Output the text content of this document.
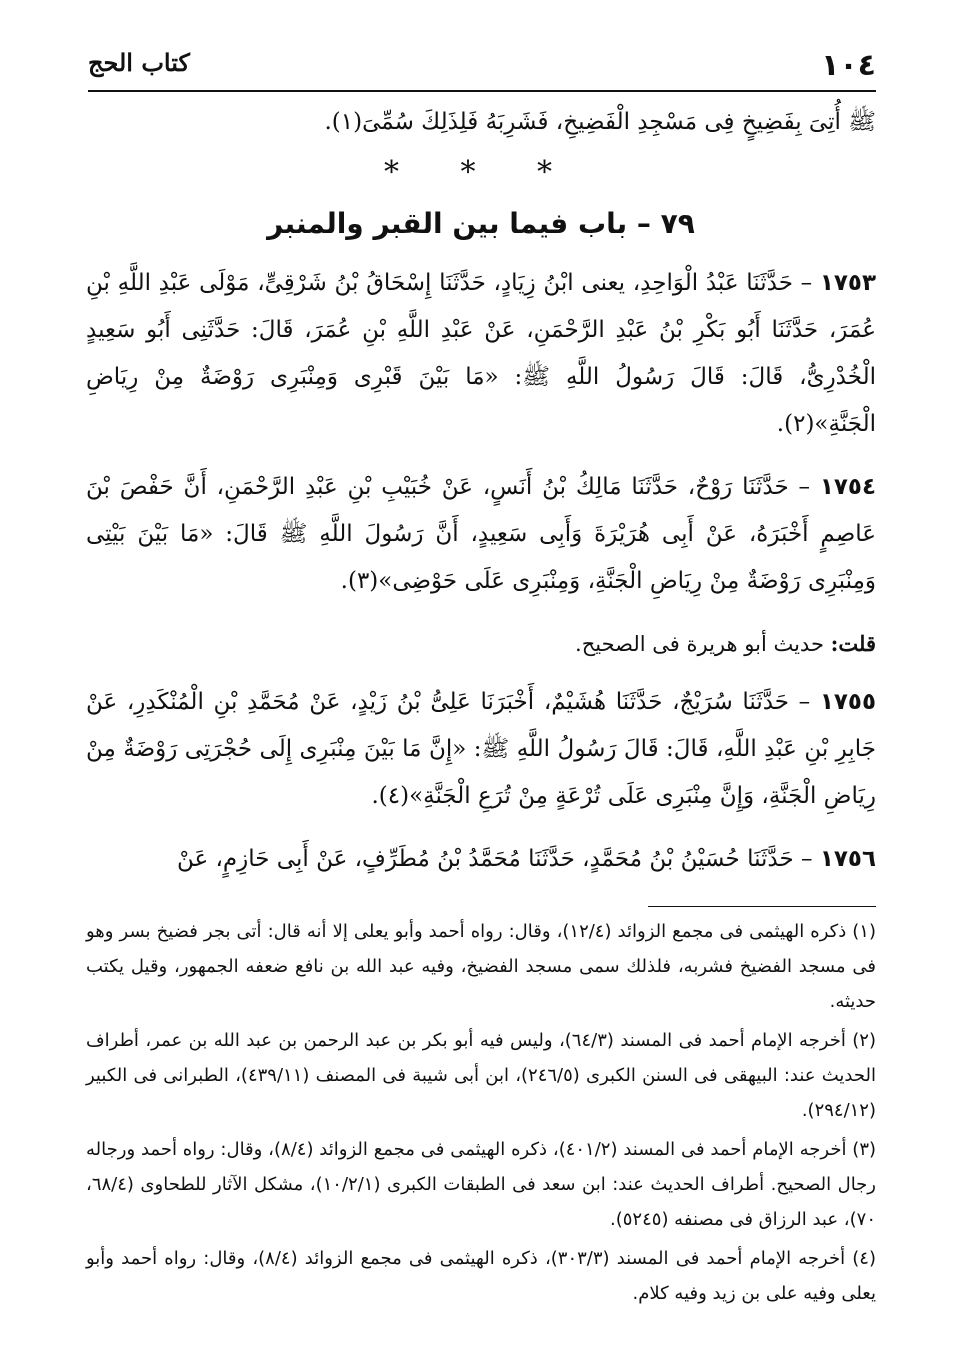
١٠٤
كتاب الحج
ﷺ أُتِىَ بِفَضِيخٍ فِى مَسْجِدِ الْفَضِيخِ، فَشَرِبَهُ فَلِذَلِكَ سُمِّىَ(١).
* * *
٧٩ – باب فيما بين القبر والمنبر
١٧٥٣ – حَدَّثَنَا عَبْدُ الْوَاحِدِ، يعنى ابْنُ زِيَادٍ، حَدَّثَنَا إِسْحَاقُ بْنُ شَرْقِىٍّ، مَوْلَى عَبْدِ اللَّهِ بْنِ عُمَرَ، حَدَّثَنَا أَبُو بَكْرِ بْنُ عَبْدِ الرَّحْمَنِ، عَنْ عَبْدِ اللَّهِ بْنِ عُمَرَ، قَالَ: حَدَّثَنِى أَبُو سَعِيدٍ الْخُدْرِىُّ، قَالَ: قَالَ رَسُولُ اللَّهِ ﷺ: «مَا بَيْنَ قَبْرِى وَمِنْبَرِى رَوْضَةٌ مِنْ رِيَاضِ الْجَنَّةِ»(٢).
١٧٥٤ – حَدَّثَنَا رَوْحٌ، حَدَّثَنَا مَالِكُ بْنُ أَنَسٍ، عَنْ خُبَيْبِ بْنِ عَبْدِ الرَّحْمَنِ، أَنَّ حَفْصَ بْنَ عَاصِمٍ أَخْبَرَهُ، عَنْ أَبِى هُرَيْرَةَ وَأَبِى سَعِيدٍ، أَنَّ رَسُولَ اللَّهِ ﷺ قَالَ: «مَا بَيْنَ بَيْتِى وَمِنْبَرِى رَوْضَةٌ مِنْ رِيَاضِ الْجَنَّةِ، وَمِنْبَرِى عَلَى حَوْضِى»(٣).
قلت: حديث أبو هريرة فى الصحيح.
١٧٥٥ – حَدَّثَنَا سُرَيْجٌ، حَدَّثَنَا هُشَيْمٌ، أَخْبَرَنَا عَلِىُّ بْنُ زَيْدٍ، عَنْ مُحَمَّدِ بْنِ الْمُنْكَدِرِ، عَنْ جَابِرِ بْنِ عَبْدِ اللَّهِ، قَالَ: قَالَ رَسُولُ اللَّهِ ﷺ: «إِنَّ مَا بَيْنَ مِنْبَرِى إِلَى حُجْرَتِى رَوْضَةٌ مِنْ رِيَاضِ الْجَنَّةِ، وَإِنَّ مِنْبَرِى عَلَى تُرْعَةٍ مِنْ تُرَعِ الْجَنَّةِ»(٤).
١٧٥٦ – حَدَّثَنَا حُسَيْنُ بْنُ مُحَمَّدٍ، حَدَّثَنَا مُحَمَّدُ بْنُ مُطَرِّفٍ، عَنْ أَبِى حَازِمٍ، عَنْ
(١) ذكره الهيثمى فى مجمع الزوائد (١٢/٤)، وقال: رواه أحمد وأبو يعلى إلا أنه قال: أتى بجر فضيخ بسر وهو فى مسجد الفضيخ فشربه، فلذلك سمى مسجد الفضيخ، وفيه عبد الله بن نافع ضعفه الجمهور، وقيل يكتب حديثه.
(٢) أخرجه الإمام أحمد فى المسند (٦٤/٣)، وليس فيه أبو بكر بن عبد الرحمن بن عبد الله بن عمر، أطراف الحديث عند: البيهقى فى السنن الكبرى (٢٤٦/٥)، ابن أبى شيبة فى المصنف (٤٣٩/١١)، الطبرانى فى الكبير (٢٩٤/١٢).
(٣) أخرجه الإمام أحمد فى المسند (٤٠١/٢)، ذكره الهيثمى فى مجمع الزوائد (٨/٤)، وقال: رواه أحمد ورجاله رجال الصحيح. أطراف الحديث عند: ابن سعد فى الطبقات الكبرى (١٠/٢/١)، مشكل الآثار للطحاوى (٦٨/٤، ٧٠)، عبد الرزاق فى مصنفه (٥٢٤٥).
(٤) أخرجه الإمام أحمد فى المسند (٣٠٣/٣)، ذكره الهيثمى فى مجمع الزوائد (٨/٤)، وقال: رواه أحمد وأبو يعلى وفيه على بن زيد وفيه كلام.
